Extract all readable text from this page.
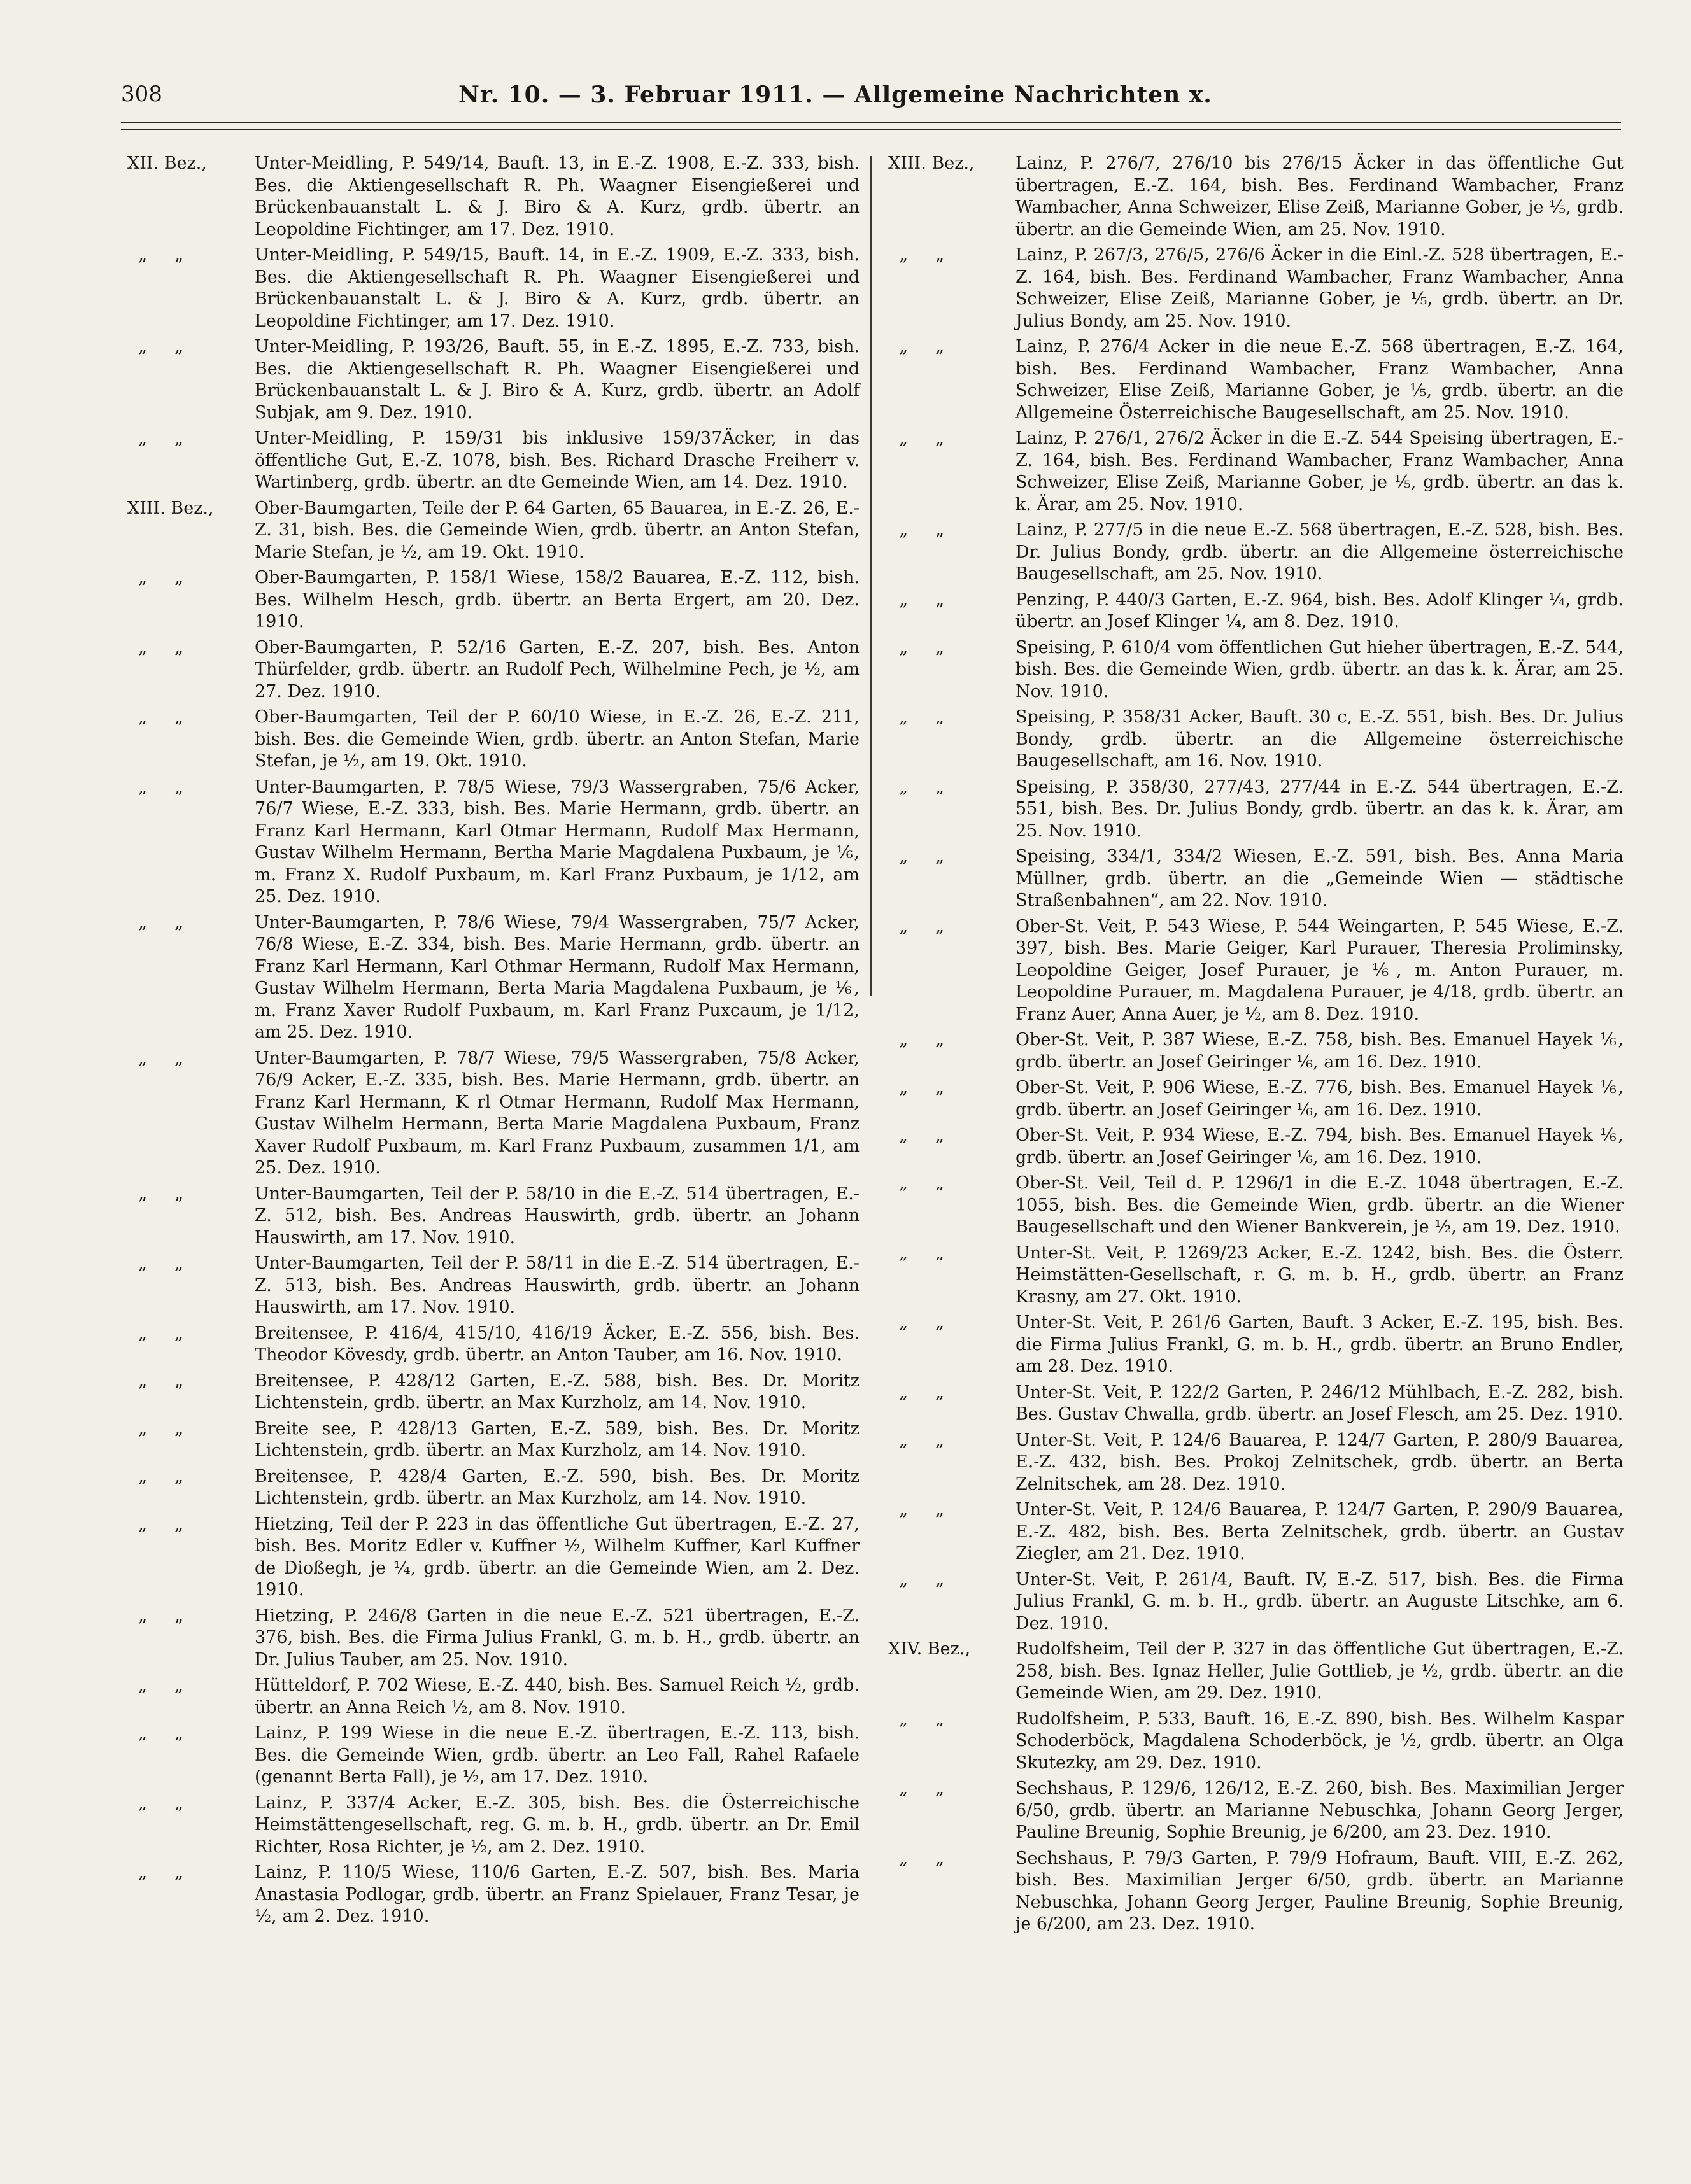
308	Nr. 10. — 3. Februar 1911. — Allgemeine Nachrichten x.
XII. Bez.,	Unter-Meidling, P. 549/14, Bauft. 13, in E.-Z. 1908, E.-Z. 333, bish. Bes. die Aktiengesellschaft R. Ph. Waagner Eisengießerei und Brückenbauanstalt L. & J. Biro & A. Kurz, grdb. übertr. an Leopoldine Fichtinger, am 17. Dez. 1910.
„     „	Unter-Meidling, P. 549/15, Bauft. 14, in E.-Z. 1909, E.-Z. 333, bish. Bes. die Aktiengesellschaft R. Ph. Waagner Eisengießerei und Brückenbauanstalt L. & J. Biro & A. Kurz, grdb. übertr. an Leopoldine Fichtinger, am 17. Dez. 1910.
„     „	Unter-Meidling, P. 193/26, Bauft. 55, in E.-Z. 1895, E.-Z. 733, bish. Bes. die Aktiengesellschaft R. Ph. Waagner Eisengießerei und Brückenbauanstalt L. & J. Biro & A. Kurz, grdb. übertr. an Adolf Subjak, am 9. Dez. 1910.
„     „	Unter-Meidling, P. 159/31 bis inklusive 159/37Äcker, in das öffentliche Gut, E.-Z. 1078, bish. Bes. Richard Drasche Freiherr v. Wartinberg, grdb. übertr. an dte Gemeinde Wien, am 14. Dez. 1910.
XIII. Bez.,	Ober-Baumgarten, Teile der P. 64 Garten, 65 Bauarea, in E.-Z. 26, E.-Z. 31, bish. Bes. die Gemeinde Wien, grdb. übertr. an Anton Stefan, Marie Stefan, je ½, am 19. Okt. 1910.
„     „	Ober-Baumgarten, P. 158/1 Wiese, 158/2 Bauarea, E.-Z. 112, bish. Bes. Wilhelm Hesch, grdb. übertr. an Berta Ergert, am 20. Dez. 1910.
„     „	Ober-Baumgarten, P. 52/16 Garten, E.-Z. 207, bish. Bes. Anton Thürfelder, grdb. übertr. an Rudolf Pech, Wilhelmine Pech, je ½, am 27. Dez. 1910.
„     „	Ober-Baumgarten, Teil der P. 60/10 Wiese, in E.-Z. 26, E.-Z. 211, bish. Bes. die Gemeinde Wien, grdb. übertr. an Anton Stefan, Marie Stefan, je ½, am 19. Okt. 1910.
„     „	Unter-Baumgarten, P. 78/5 Wiese, 79/3 Wassergraben, 75/6 Acker, 76/7 Wiese, E.-Z. 333, bish. Bes. Marie Hermann, grdb. übertr. an Franz Karl Hermann, Karl Otmar Hermann, Rudolf Max Hermann, Gustav Wilhelm Hermann, Bertha Marie Magdalena Puxbaum, je ⅙, m. Franz X. Rudolf Puxbaum, m. Karl Franz Puxbaum, je 1/12, am 25. Dez. 1910.
„     „	Unter-Baumgarten, P. 78/6 Wiese, 79/4 Wassergraben, 75/7 Acker, 76/8 Wiese, E.-Z. 334, bish. Bes. Marie Hermann, grdb. übertr. an Franz Karl Hermann, Karl Othmar Hermann, Rudolf Max Hermann, Gustav Wilhelm Hermann, Berta Maria Magdalena Puxbaum, je ⅙, m. Franz Xaver Rudolf Puxbaum, m. Karl Franz Puxcaum, je 1/12, am 25. Dez. 1910.
„     „	Unter-Baumgarten, P. 78/7 Wiese, 79/5 Wassergraben, 75/8 Acker, 76/9 Acker, E.-Z. 335, bish. Bes. Marie Hermann, grdb. übertr. an Franz Karl Hermann, K rl Otmar Hermann, Rudolf Max Hermann, Gustav Wilhelm Hermann, Berta Marie Magdalena Puxbaum, Franz Xaver Rudolf Puxbaum, m. Karl Franz Puxbaum, zusammen 1/1, am 25. Dez. 1910.
„     „	Unter-Baumgarten, Teil der P. 58/10 in die E.-Z. 514 übertragen, E.-Z. 512, bish. Bes. Andreas Hauswirth, grdb. übertr. an Johann Hauswirth, am 17. Nov. 1910.
„     „	Unter-Baumgarten, Teil der P. 58/11 in die E.-Z. 514 übertragen, E.-Z. 513, bish. Bes. Andreas Hauswirth, grdb. übertr. an Johann Hauswirth, am 17. Nov. 1910.
„     „	Breitensee, P. 416/4, 415/10, 416/19 Äcker, E.-Z. 556, bish. Bes. Theodor Kövesdy, grdb. übertr. an Anton Tauber, am 16. Nov. 1910.
„     „	Breitensee, P. 428/12 Garten, E.-Z. 588, bish. Bes. Dr. Moritz Lichtenstein, grdb. übertr. an Max Kurzholz, am 14. Nov. 1910.
„     „	Breite see, P. 428/13 Garten, E.-Z. 589, bish. Bes. Dr. Moritz Lichtenstein, grdb. übertr. an Max Kurzholz, am 14. Nov. 1910.
„     „	Breitensee, P. 428/4 Garten, E.-Z. 590, bish. Bes. Dr. Moritz Lichtenstein, grdb. übertr. an Max Kurzholz, am 14. Nov. 1910.
„     „	Hietzing, Teil der P. 223 in das öffentliche Gut übertragen, E.-Z. 27, bish. Bes. Moritz Edler v. Kuffner ½, Wilhelm Kuffner, Karl Kuffner de Dioßegh, je ¼, grdb. übertr. an die Gemeinde Wien, am 2. Dez. 1910.
„     „	Hietzing, P. 246/8 Garten in die neue E.-Z. 521 übertragen, E.-Z. 376, bish. Bes. die Firma Julius Frankl, G. m. b. H., grdb. übertr. an Dr. Julius Tauber, am 25. Nov. 1910.
„     „	Hütteldorf, P. 702 Wiese, E.-Z. 440, bish. Bes. Samuel Reich ½, grdb. übertr. an Anna Reich ½, am 8. Nov. 1910.
„     „	Lainz, P. 199 Wiese in die neue E.-Z. übertragen, E.-Z. 113, bish. Bes. die Gemeinde Wien, grdb. übertr. an Leo Fall, Rahel Rafaele (genannt Berta Fall), je ½, am 17. Dez. 1910.
„     „	Lainz, P. 337/4 Acker, E.-Z. 305, bish. Bes. die Österreichische Heimstättengesellschaft, reg. G. m. b. H., grdb. übertr. an Dr. Emil Richter, Rosa Richter, je ½, am 2. Dez. 1910.
„     „	Lainz, P. 110/5 Wiese, 110/6 Garten, E.-Z. 507, bish. Bes. Maria Anastasia Podlogar, grdb. übertr. an Franz Spielauer, Franz Tesar, je ½, am 2. Dez. 1910.
XIII. Bez.,	Lainz, P. 276/7, 276/10 bis 276/15 Äcker in das öffentliche Gut übertragen, E.-Z. 164, bish. Bes. Ferdinand Wambacher, Franz Wambacher, Anna Schweizer, Elise Zeiß, Marianne Gober, je ⅕, grdb. übertr. an die Gemeinde Wien, am 25. Nov. 1910.
„     „	Lainz, P. 267/3, 276/5, 276/6 Äcker in die Einl.-Z. 528 übertragen, E.-Z. 164, bish. Bes. Ferdinand Wambacher, Franz Wambacher, Anna Schweizer, Elise Zeiß, Marianne Gober, je ⅕, grdb. übertr. an Dr. Julius Bondy, am 25. Nov. 1910.
„     „	Lainz, P. 276/4 Acker in die neue E.-Z. 568 übertragen, E.-Z. 164, bish. Bes. Ferdinand Wambacher, Franz Wambacher, Anna Schweizer, Elise Zeiß, Marianne Gober, je ⅕, grdb. übertr. an die Allgemeine Österreichische Baugesellschaft, am 25. Nov. 1910.
„     „	Lainz, P. 276/1, 276/2 Äcker in die E.-Z. 544 Speising übertragen, E.-Z. 164, bish. Bes. Ferdinand Wambacher, Franz Wambacher, Anna Schweizer, Elise Zeiß, Marianne Gober, je ⅕, grdb. übertr. an das k. k. Ärar, am 25. Nov. 1910.
„     „	Lainz, P. 277/5 in die neue E.-Z. 568 übertragen, E.-Z. 528, bish. Bes. Dr. Julius Bondy, grdb. übertr. an die Allgemeine österreichische Baugesellschaft, am 25. Nov. 1910.
„     „	Penzing, P. 440/3 Garten, E.-Z. 964, bish. Bes. Adolf Klinger ¼, grdb. übertr. an Josef Klinger ¼, am 8. Dez. 1910.
„     „	Speising, P. 610/4 vom öffentlichen Gut hieher übertragen, E.-Z. 544, bish. Bes. die Gemeinde Wien, grdb. übertr. an das k. k. Ärar, am 25. Nov. 1910.
„     „	Speising, P. 358/31 Acker, Bauft. 30 c, E.-Z. 551, bish. Bes. Dr. Julius Bondy, grdb. übertr. an die Allgemeine österreichische Baugesellschaft, am 16. Nov. 1910.
„     „	Speising, P. 358/30, 277/43, 277/44 in E.-Z. 544 übertragen, E.-Z. 551, bish. Bes. Dr. Julius Bondy, grdb. übertr. an das k. k. Ärar, am 25. Nov. 1910.
„     „	Speising, 334/1, 334/2 Wiesen, E.-Z. 591, bish. Bes. Anna Maria Müllner, grdb. übertr. an die „Gemeinde Wien — städtische Straßenbahnen“, am 22. Nov. 1910.
„     „	Ober-St. Veit, P. 543 Wiese, P. 544 Weingarten, P. 545 Wiese, E.-Z. 397, bish. Bes. Marie Geiger, Karl Purauer, Theresia Proliminsky, Leopoldine Geiger, Josef Purauer, je ⅙, m. Anton Purauer, m. Leopoldine Purauer, m. Magdalena Purauer, je 4/18, grdb. übertr. an Franz Auer, Anna Auer, je ½, am 8. Dez. 1910.
„     „	Ober-St. Veit, P. 387 Wiese, E.-Z. 758, bish. Bes. Emanuel Hayek ⅙, grdb. übertr. an Josef Geiringer ⅙, am 16. Dez. 1910.
„     „	Ober-St. Veit, P. 906 Wiese, E.-Z. 776, bish. Bes. Emanuel Hayek ⅙, grdb. übertr. an Josef Geiringer ⅙, am 16. Dez. 1910.
„     „	Ober-St. Veit, P. 934 Wiese, E.-Z. 794, bish. Bes. Emanuel Hayek ⅙, grdb. übertr. an Josef Geiringer ⅙, am 16. Dez. 1910.
„     „	Ober-St. Veil, Teil d. P. 1296/1 in die E.-Z. 1048 übertragen, E.-Z. 1055, bish. Bes. die Gemeinde Wien, grdb. übertr. an die Wiener Baugesellschaft und den Wiener Bankverein, je ½, am 19. Dez. 1910.
„     „	Unter-St. Veit, P. 1269/23 Acker, E.-Z. 1242, bish. Bes. die Österr. Heimstätten-Gesellschaft, r. G. m. b. H., grdb. übertr. an Franz Krasny, am 27. Okt. 1910.
„     „	Unter-St. Veit, P. 261/6 Garten, Bauft. 3 Acker, E.-Z. 195, bish. Bes. die Firma Julius Frankl, G. m. b. H., grdb. übertr. an Bruno Endler, am 28. Dez. 1910.
„     „	Unter-St. Veit, P. 122/2 Garten, P. 246/12 Mühlbach, E.-Z. 282, bish. Bes. Gustav Chwalla, grdb. übertr. an Josef Flesch, am 25. Dez. 1910.
„     „	Unter-St. Veit, P. 124/6 Bauarea, P. 124/7 Garten, P. 280/9 Bauarea, E.-Z. 432, bish. Bes. Prokoj Zelnitschek, grdb. übertr. an Berta Zelnitschek, am 28. Dez. 1910.
„     „	Unter-St. Veit, P. 124/6 Bauarea, P. 124/7 Garten, P. 290/9 Bauarea, E.-Z. 482, bish. Bes. Berta Zelnitschek, grdb. übertr. an Gustav Ziegler, am 21. Dez. 1910.
„     „	Unter-St. Veit, P. 261/4, Bauft. IV, E.-Z. 517, bish. Bes. die Firma Julius Frankl, G. m. b. H., grdb. übertr. an Auguste Litschke, am 6. Dez. 1910.
XIV. Bez.,	Rudolfsheim, Teil der P. 327 in das öffentliche Gut übertragen, E.-Z. 258, bish. Bes. Ignaz Heller, Julie Gottlieb, je ½, grdb. übertr. an die Gemeinde Wien, am 29. Dez. 1910.
„     „	Rudolfsheim, P. 533, Bauft. 16, E.-Z. 890, bish. Bes. Wilhelm Kaspar Schoderböck, Magdalena Schoderböck, je ½, grdb. übertr. an Olga Skutezky, am 29. Dez. 1910.
„     „	Sechshaus, P. 129/6, 126/12, E.-Z. 260, bish. Bes. Maximilian Jerger 6/50, grdb. übertr. an Marianne Nebuschka, Johann Georg Jerger, Pauline Breunig, Sophie Breunig, je 6/200, am 23. Dez. 1910.
„     „	Sechshaus, P. 79/3 Garten, P. 79/9 Hofraum, Bauft. VIII, E.-Z. 262, bish. Bes. Maximilian Jerger 6/50, grdb. übertr. an Marianne Nebuschka, Johann Georg Jerger, Pauline Breunig, Sophie Breunig, je 6/200, am 23. Dez. 1910.
